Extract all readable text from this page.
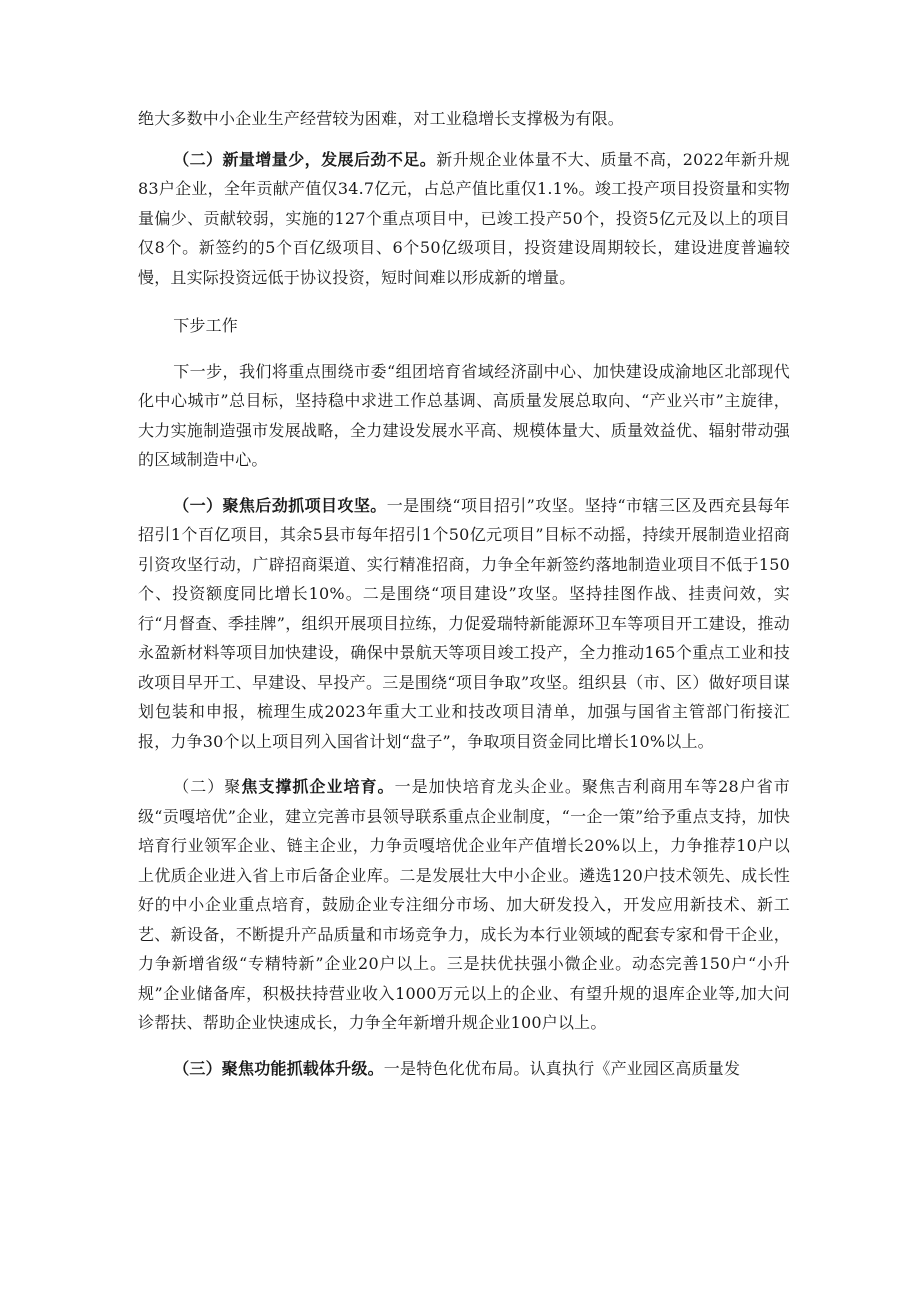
绝大多数中小企业生产经营较为困难，对工业稳增长支撑极为有限。

（二）新量增量少，发展后劲不足。新升规企业体量不大、质量不高，2022年新升规83户企业，全年贡献产值仅34.7亿元，占总产值比重仅1.1%。竣工投产项目投资量和实物量偏少、贡献较弱，实施的127个重点项目中，已竣工投产50个，投资5亿元及以上的项目仅8个。新签约的5个百亿级项目、6个50亿级项目，投资建设周期较长，建设进度普遍较慢，且实际投资远低于协议投资，短时间难以形成新的增量。

下步工作

下一步，我们将重点围绕市委“组团培育省域经济副中心、加快建设成渝地区北部现代化中心城市”总目标，坚持稳中求进工作总基调、高质量发展总取向、“产业兴市”主旋律，大力实施制造强市发展战略，全力建设发展水平高、规模体量大、质量效益优、辐射带动强的区域制造中心。

（一）聚焦后劲抓项目攻坚。一是围绕“项目招引”攻坚。坚持“市辖三区及西充县每年招引1个百亿项目，其余5县市每年招引1个50亿元项目”目标不动摇，持续开展制造业招商引资攻坚行动，广辟招商渠道、实行精准招商，力争全年新签约落地制造业项目不低于150个、投资额度同比增长10%。二是围绕“项目建设”攻坚。坚持挂图作战、挂责问效，实行“月督查、季挂牌”，组织开展项目拉练，力促爱瑞特新能源环卫车等项目开工建设，推动永盈新材料等项目加快建设，确保中景航天等项目竣工投产，全力推动165个重点工业和技改项目早开工、早建设、早投产。三是围绕“项目争取”攻坚。组织县（市、区）做好项目谋划包装和申报，梳理生成2023年重大工业和技改项目清单，加强与国省主管部门衔接汇报，力争30个以上项目列入国省计划“盘子”，争取项目资金同比增长10%以上。

（二）聚焦支撑抓企业培育。一是加快培育龙头企业。聚焦吉利商用车等28户省市级“贡嘎培优”企业，建立完善市县领导联系重点企业制度，“一企一策”给予重点支持，加快培育行业领军企业、链主企业，力争贡嘎培优企业年产值增长20%以上，力争推荐10户以上优质企业进入省上市后备企业库。二是发展壮大中小企业。遴选120户技术领先、成长性好的中小企业重点培育，鼓励企业专注细分市场、加大研发投入，开发应用新技术、新工艺、新设备，不断提升产品质量和市场竞争力，成长为本行业领域的配套专家和骨干企业，力争新增省级“专精特新”企业20户以上。三是扶优扶强小微企业。动态完善150户“小升规”企业储备库，积极扶持营业收入1000万元以上的企业、有望升规的退库企业等,加大问诊帮扶、帮助企业快速成长，力争全年新增升规企业100户以上。

（三）聚焦功能抓载体升级。一是特色化优布局。认真执行《产业园区高质量发
